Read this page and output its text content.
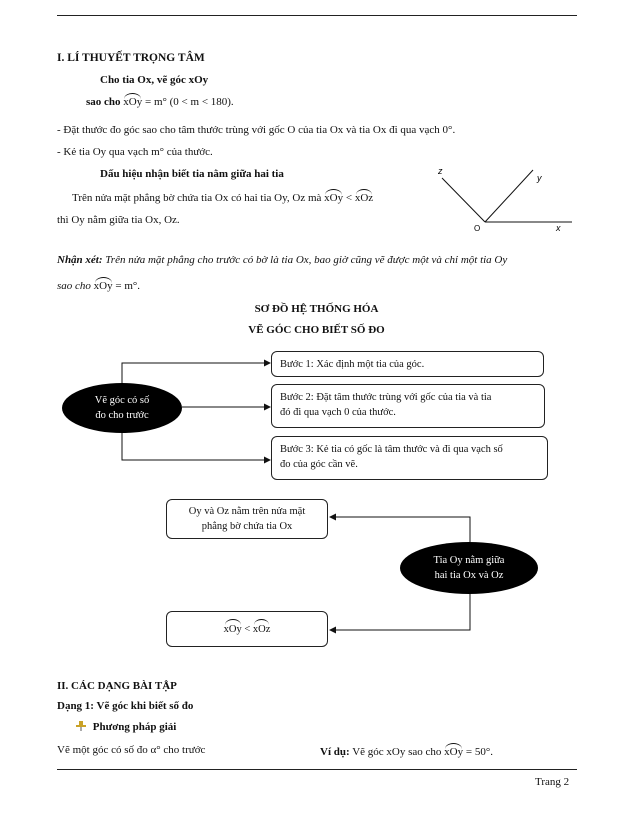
I. LÍ THUYẾT TRỌNG TÂM
Cho tia Ox, vẽ góc xOy
sao cho xOy = m° (0 < m < 180).
- Đặt thước đo góc sao cho tâm thước trùng với gốc O của tia Ox và tia Ox đi qua vạch 0°.
- Kẻ tia Oy qua vạch m° của thước.
Dấu hiệu nhận biết tia nằm giữa hai tia
Trên nửa mặt phẳng bờ chứa tia Ox có hai tia Oy, Oz mà xOy < xOz
thì Oy nằm giữa tia Ox, Oz.
z
y
O	x
Nhận xét: Trên nửa mặt phẳng cho trước có bờ là tia Ox, bao giờ cũng vẽ được một và chỉ một tia Oy
sao cho xOy = m°.
SƠ ĐỒ HỆ THỐNG HÓA
VẼ GÓC CHO BIẾT SỐ ĐO
Vẽ góc có số
đo cho trước
Bước 1: Xác định một tia của góc.
Bước 2: Đặt tâm thước trùng với gốc của tia và tia
đó đi qua vạch 0 của thước.
Bước 3: Kẻ tia có gốc là tâm thước và đi qua vạch số
đo của góc cần vẽ.
Oy và Oz nằm trên nửa mặt
phẳng bờ chứa tia Ox
Tia Oy nằm giữa
hai tia Ox và Oz
xOy < xOz
II. CÁC DẠNG BÀI TẬP
Dạng 1: Vẽ góc khi biết số đo
Phương pháp giải
Vẽ một góc có số đo α° cho trước	Ví dụ: Vẽ góc xOy sao cho xOy = 50°.
Trang 2
